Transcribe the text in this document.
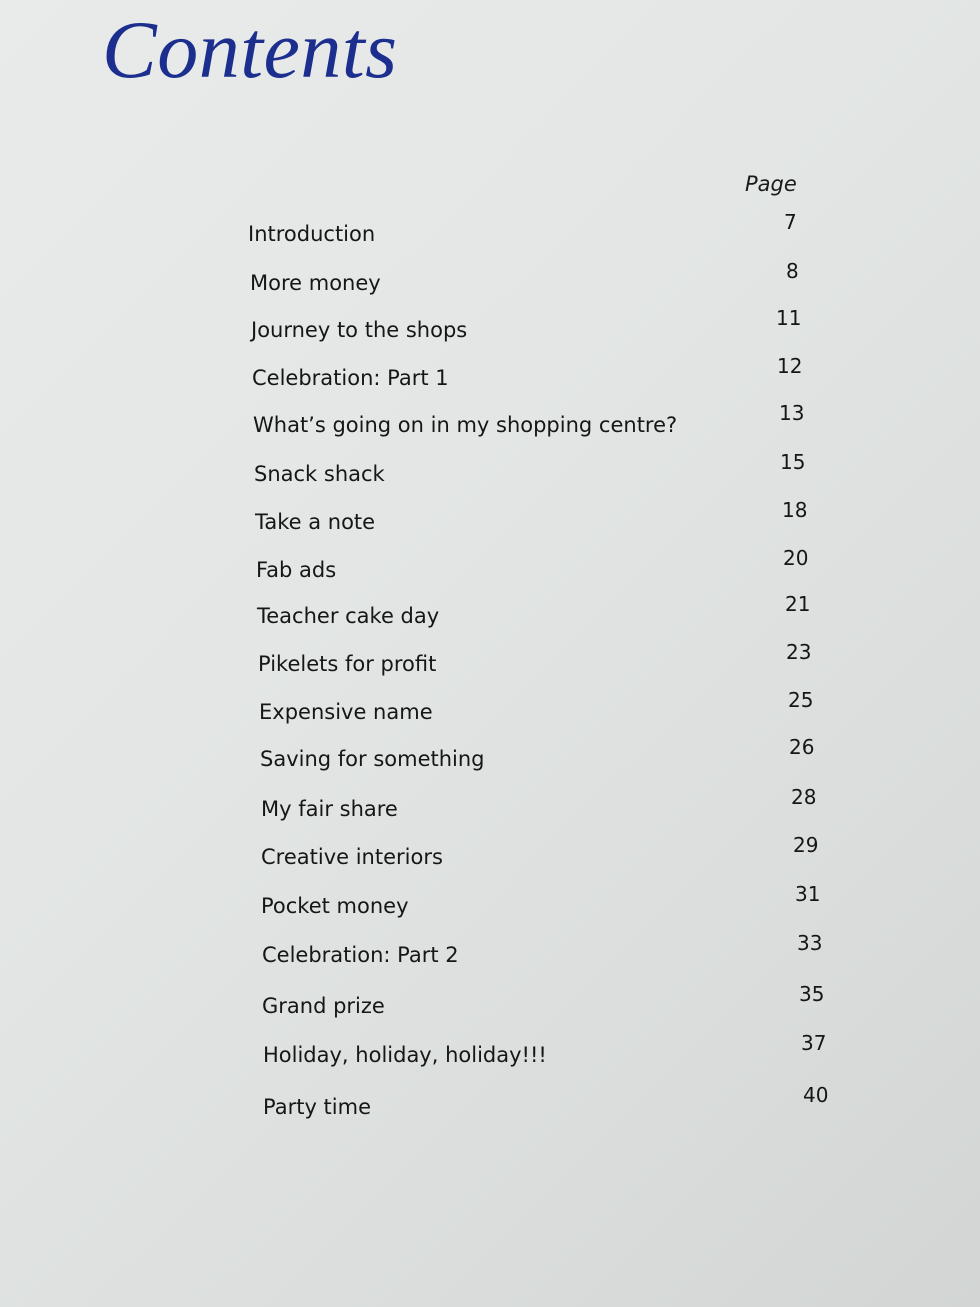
Contents
Page
Introduction	7
More money	8
Journey to the shops	11
Celebration: Part 1	12
What’s going on in my shopping centre?	13
Snack shack	15
Take a note	18
Fab ads	20
Teacher cake day	21
Pikelets for profit	23
Expensive name	25
Saving for something	26
My fair share	28
Creative interiors	29
Pocket money	31
Celebration: Part 2	33
Grand prize	35
Holiday, holiday, holiday!!!	37
Party time	40
